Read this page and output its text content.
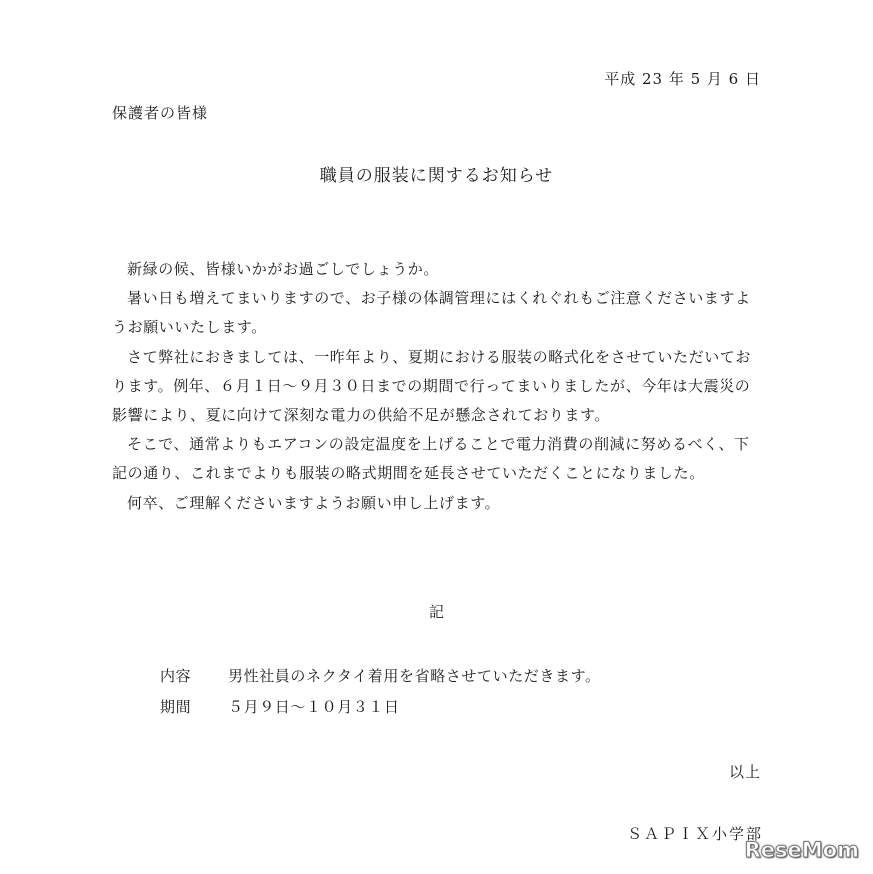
平成 23 年 5 月 6 日
保護者の皆様
職員の服装に関するお知らせ

新緑の候、皆様いかがお過ごしでしょうか。

暑い日も増えてまいりますので、お子様の体調管理にはくれぐれもご注意くださいますようお願いいたします。

さて弊社におきましては、一昨年より、夏期における服装の略式化をさせていただいております。例年、６月１日～９月３０日までの期間で行ってまいりましたが、今年は大震災の影響により、夏に向けて深刻な電力の供給不足が懸念されております。

そこで、通常よりもエアコンの設定温度を上げることで電力消費の削減に努めるべく、下記の通り、これまでよりも服装の略式期間を延長させていただくことになりました。

何卒、ご理解くださいますようお願い申し上げます。

記
内容	男性社員のネクタイ着用を省略させていただきます。
期間	５月９日～１０月３１日
以上
ＳＡＰＩＸ小学部
ReseMom
